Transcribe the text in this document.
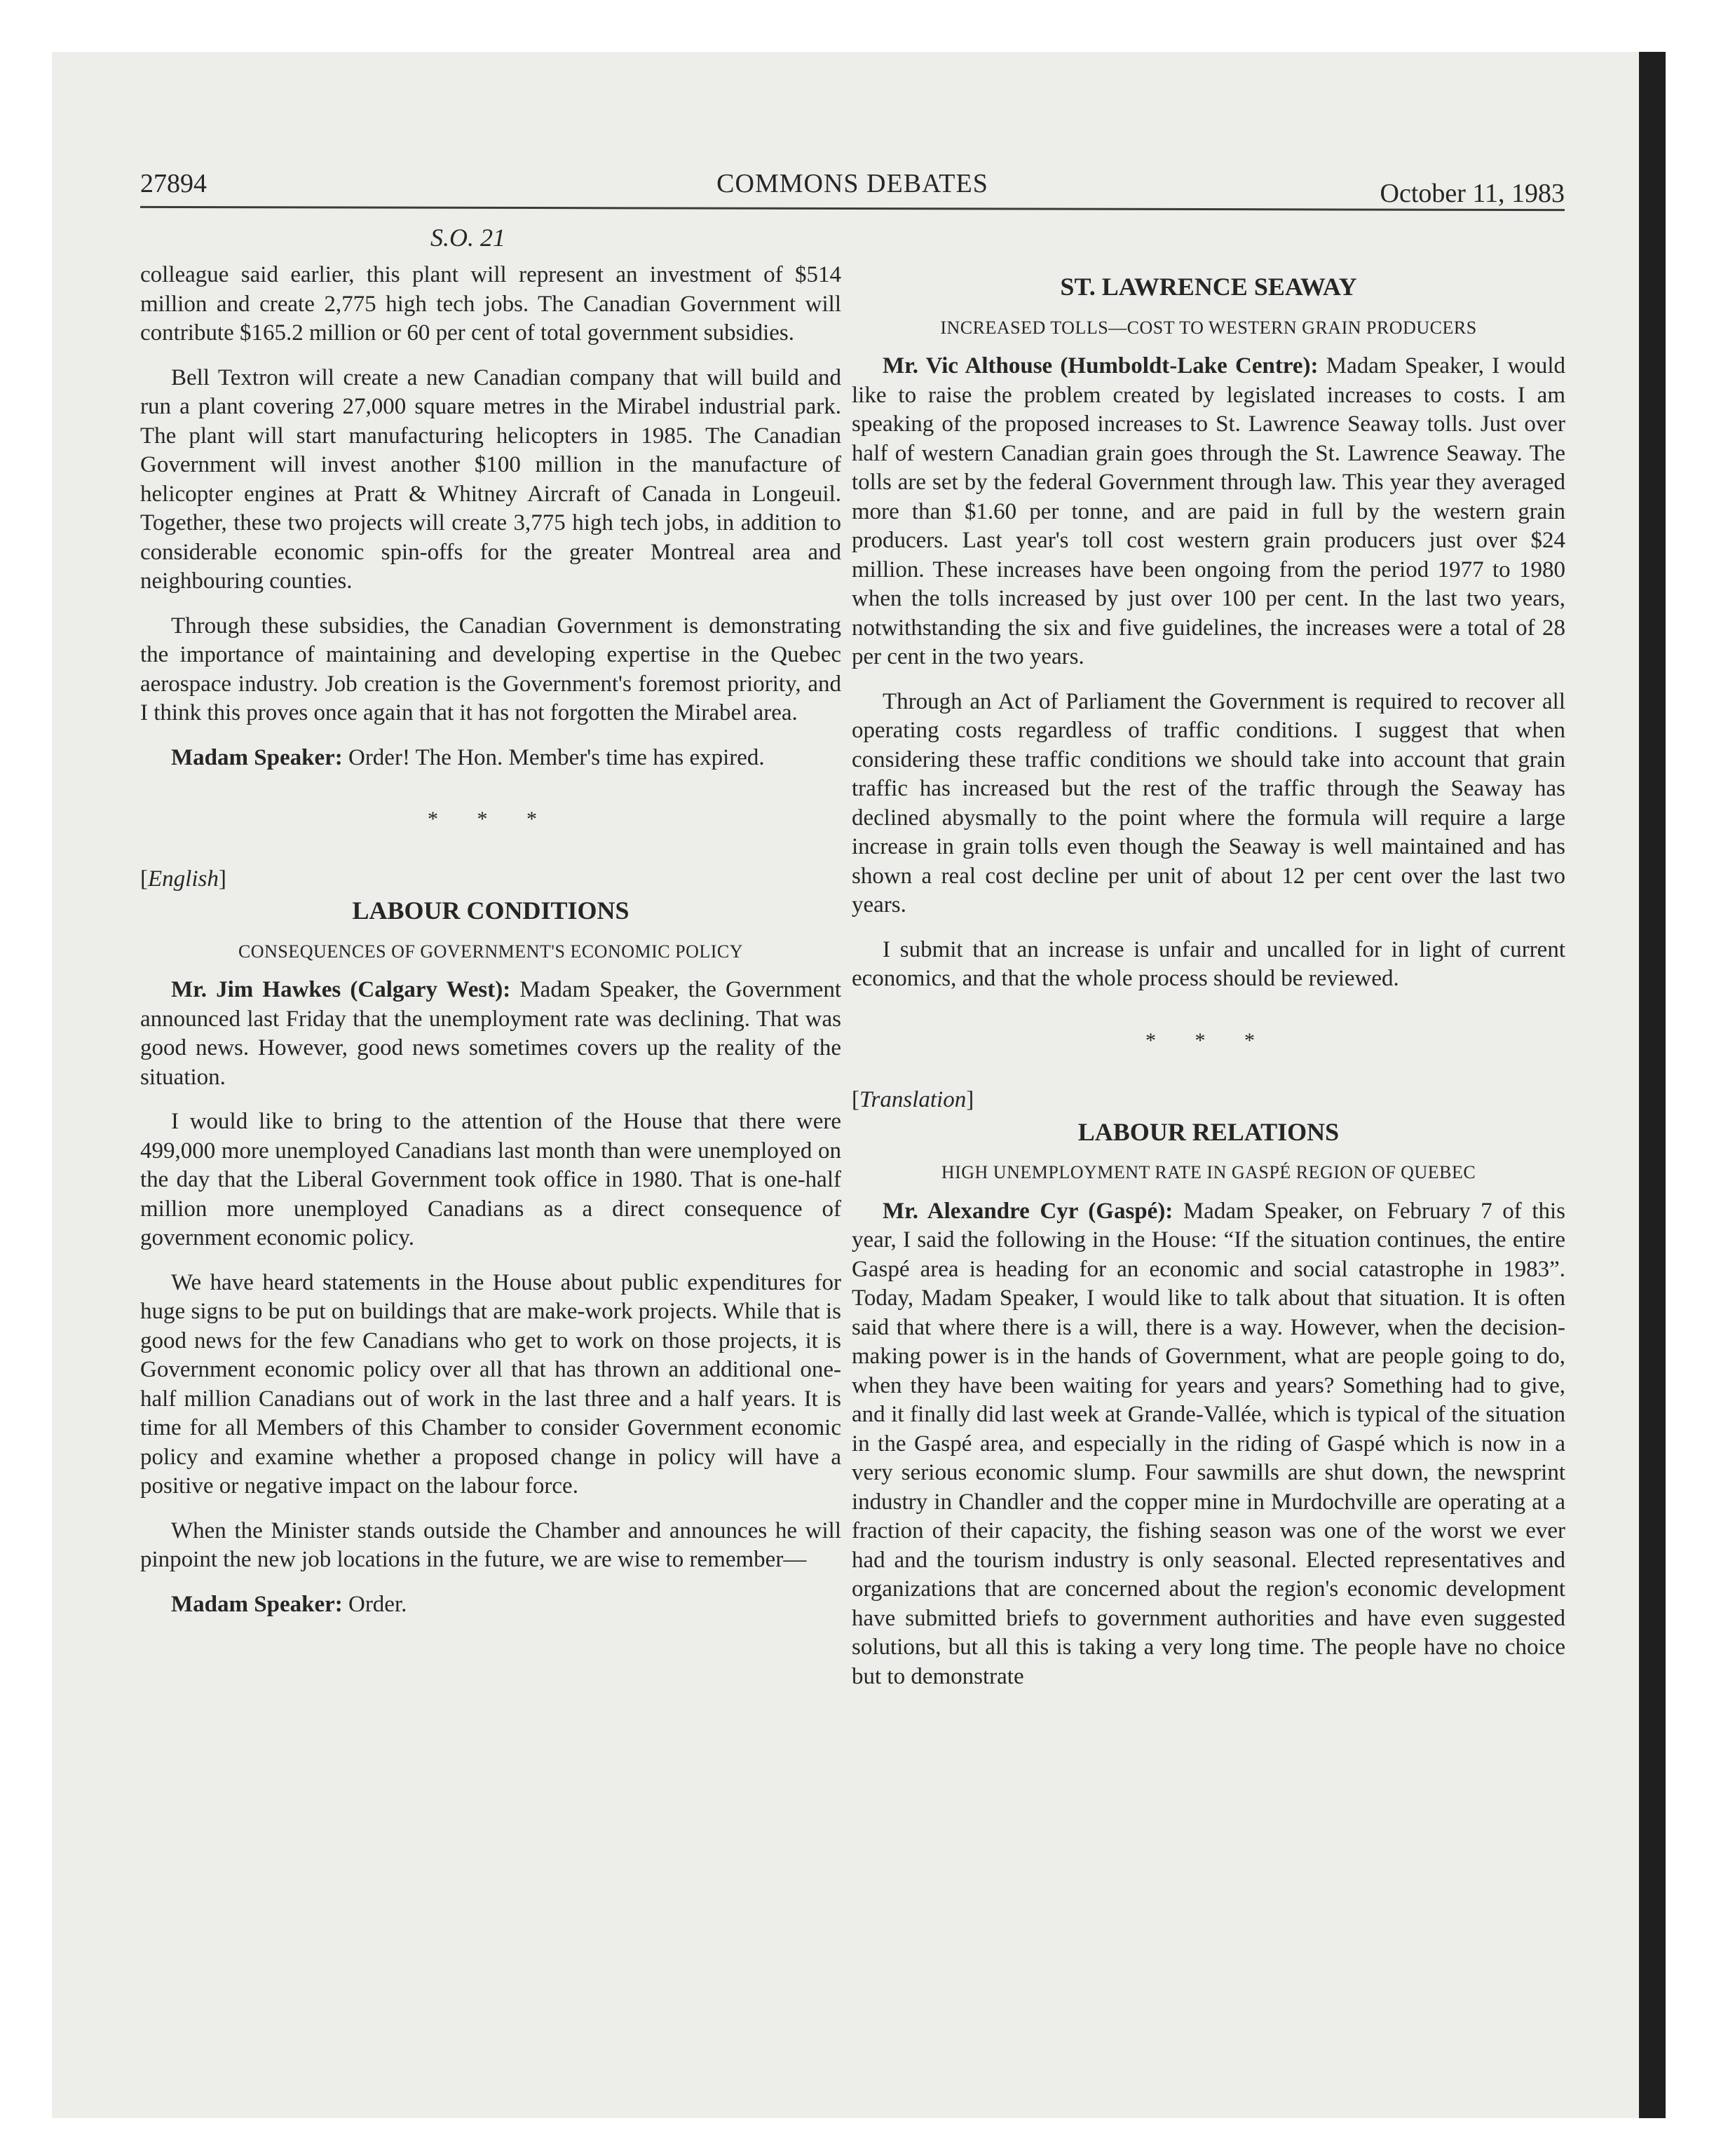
27894	COMMONS DEBATES	October 11, 1983
S.O. 21

colleague said earlier, this plant will represent an investment of $514 million and create 2,775 high tech jobs. The Canadian Government will contribute $165.2 million or 60 per cent of total government subsidies.

Bell Textron will create a new Canadian company that will build and run a plant covering 27,000 square metres in the Mirabel industrial park. The plant will start manufacturing helicopters in 1985. The Canadian Government will invest another $100 million in the manufacture of helicopter engines at Pratt & Whitney Aircraft of Canada in Longeuil. Together, these two projects will create 3,775 high tech jobs, in addition to considerable economic spin-offs for the greater Montreal area and neighbouring counties.

Through these subsidies, the Canadian Government is demonstrating the importance of maintaining and developing expertise in the Quebec aerospace industry. Job creation is the Government's foremost priority, and I think this proves once again that it has not forgotten the Mirabel area.

Madam Speaker: Order! The Hon. Member's time has expired.

* * *
[English]
LABOUR CONDITIONS
CONSEQUENCES OF GOVERNMENT'S ECONOMIC POLICY

Mr. Jim Hawkes (Calgary West): Madam Speaker, the Government announced last Friday that the unemployment rate was declining. That was good news. However, good news sometimes covers up the reality of the situation.

I would like to bring to the attention of the House that there were 499,000 more unemployed Canadians last month than were unemployed on the day that the Liberal Government took office in 1980. That is one-half million more unemployed Canadians as a direct consequence of government economic policy.

We have heard statements in the House about public expenditures for huge signs to be put on buildings that are make-work projects. While that is good news for the few Canadians who get to work on those projects, it is Government economic policy over all that has thrown an additional one-half million Canadians out of work in the last three and a half years. It is time for all Members of this Chamber to consider Government economic policy and examine whether a proposed change in policy will have a positive or negative impact on the labour force.

When the Minister stands outside the Chamber and announces he will pinpoint the new job locations in the future, we are wise to remember—

Madam Speaker: Order.

ST. LAWRENCE SEAWAY
INCREASED TOLLS—COST TO WESTERN GRAIN PRODUCERS

Mr. Vic Althouse (Humboldt-Lake Centre): Madam Speaker, I would like to raise the problem created by legislated increases to costs. I am speaking of the proposed increases to St. Lawrence Seaway tolls. Just over half of western Canadian grain goes through the St. Lawrence Seaway. The tolls are set by the federal Government through law. This year they averaged more than $1.60 per tonne, and are paid in full by the western grain producers. Last year's toll cost western grain producers just over $24 million. These increases have been ongoing from the period 1977 to 1980 when the tolls increased by just over 100 per cent. In the last two years, notwithstanding the six and five guidelines, the increases were a total of 28 per cent in the two years.

Through an Act of Parliament the Government is required to recover all operating costs regardless of traffic conditions. I suggest that when considering these traffic conditions we should take into account that grain traffic has increased but the rest of the traffic through the Seaway has declined abysmally to the point where the formula will require a large increase in grain tolls even though the Seaway is well maintained and has shown a real cost decline per unit of about 12 per cent over the last two years.

I submit that an increase is unfair and uncalled for in light of current economics, and that the whole process should be reviewed.

* * *
[Translation]
LABOUR RELATIONS
HIGH UNEMPLOYMENT RATE IN GASPÉ REGION OF QUEBEC

Mr. Alexandre Cyr (Gaspé): Madam Speaker, on February 7 of this year, I said the following in the House: “If the situation continues, the entire Gaspé area is heading for an economic and social catastrophe in 1983”. Today, Madam Speaker, I would like to talk about that situation. It is often said that where there is a will, there is a way. However, when the decision-making power is in the hands of Government, what are people going to do, when they have been waiting for years and years? Something had to give, and it finally did last week at Grande-Vallée, which is typical of the situation in the Gaspé area, and especially in the riding of Gaspé which is now in a very serious economic slump. Four sawmills are shut down, the newsprint industry in Chandler and the copper mine in Murdochville are operating at a fraction of their capacity, the fishing season was one of the worst we ever had and the tourism industry is only seasonal. Elected representatives and organizations that are concerned about the region's economic development have submitted briefs to government authorities and have even suggested solutions, but all this is taking a very long time. The people have no choice but to demonstrate
